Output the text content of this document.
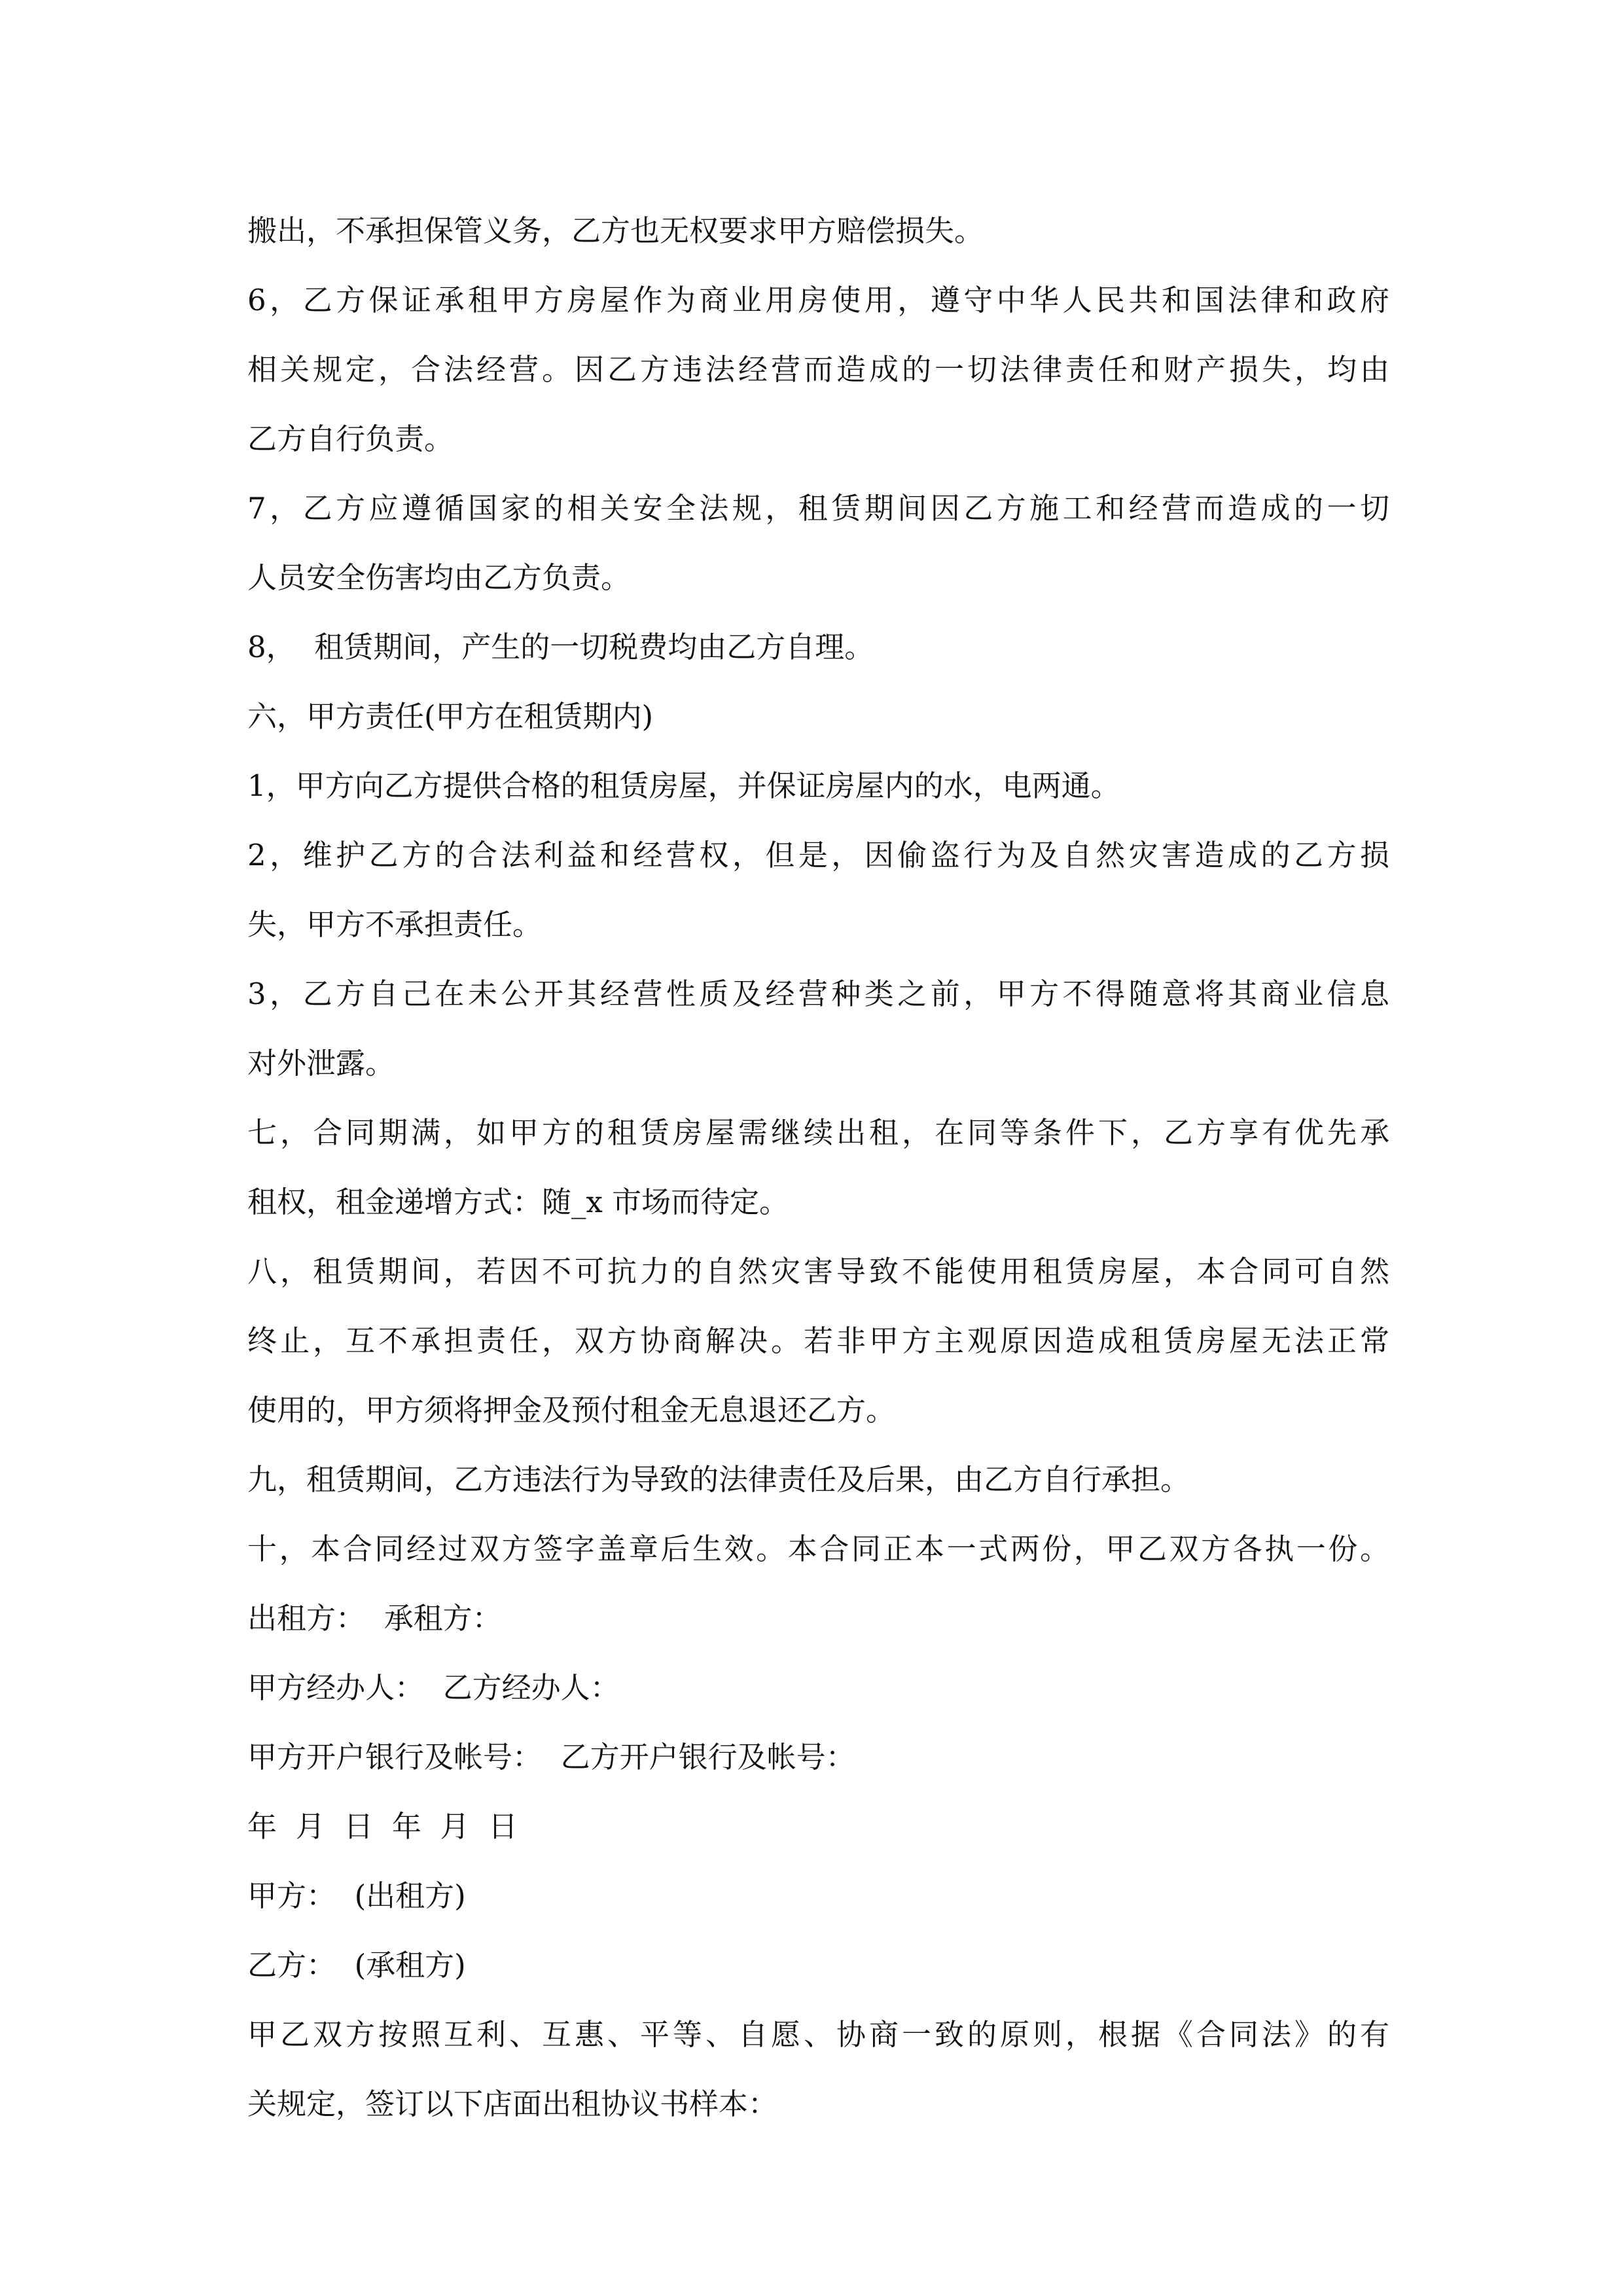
搬出，不承担保管义务，乙方也无权要求甲方赔偿损失。
6，乙方保证承租甲方房屋作为商业用房使用，遵守中华人民共和国法律和政府
相关规定，合法经营。因乙方违法经营而造成的一切法律责任和财产损失，均由
乙方自行负责。
7，乙方应遵循国家的相关安全法规，租赁期间因乙方施工和经营而造成的一切
人员安全伤害均由乙方负责。
8，  租赁期间，产生的一切税费均由乙方自理。
六，甲方责任(甲方在租赁期内)
1，甲方向乙方提供合格的租赁房屋，并保证房屋内的水，电两通。
2，维护乙方的合法利益和经营权，但是，因偷盗行为及自然灾害造成的乙方损
失，甲方不承担责任。
3，乙方自己在未公开其经营性质及经营种类之前，甲方不得随意将其商业信息
对外泄露。
七，合同期满，如甲方的租赁房屋需继续出租，在同等条件下，乙方享有优先承
租权，租金递增方式：随_x 市场而待定。
八，租赁期间，若因不可抗力的自然灾害导致不能使用租赁房屋，本合同可自然
终止，互不承担责任，双方协商解决。若非甲方主观原因造成租赁房屋无法正常
使用的，甲方须将押金及预付租金无息退还乙方。
九，租赁期间，乙方违法行为导致的法律责任及后果，由乙方自行承担。
十，本合同经过双方签字盖章后生效。本合同正本一式两份，甲乙双方各执一份。
出租方：  承租方：
甲方经办人：  乙方经办人：
甲方开户银行及帐号：  乙方开户银行及帐号：
年  月  日  年  月  日
甲方：  (出租方)
乙方：  (承租方)
甲乙双方按照互利、互惠、平等、自愿、协商一致的原则，根据《合同法》的有
关规定，签订以下店面出租协议书样本：
